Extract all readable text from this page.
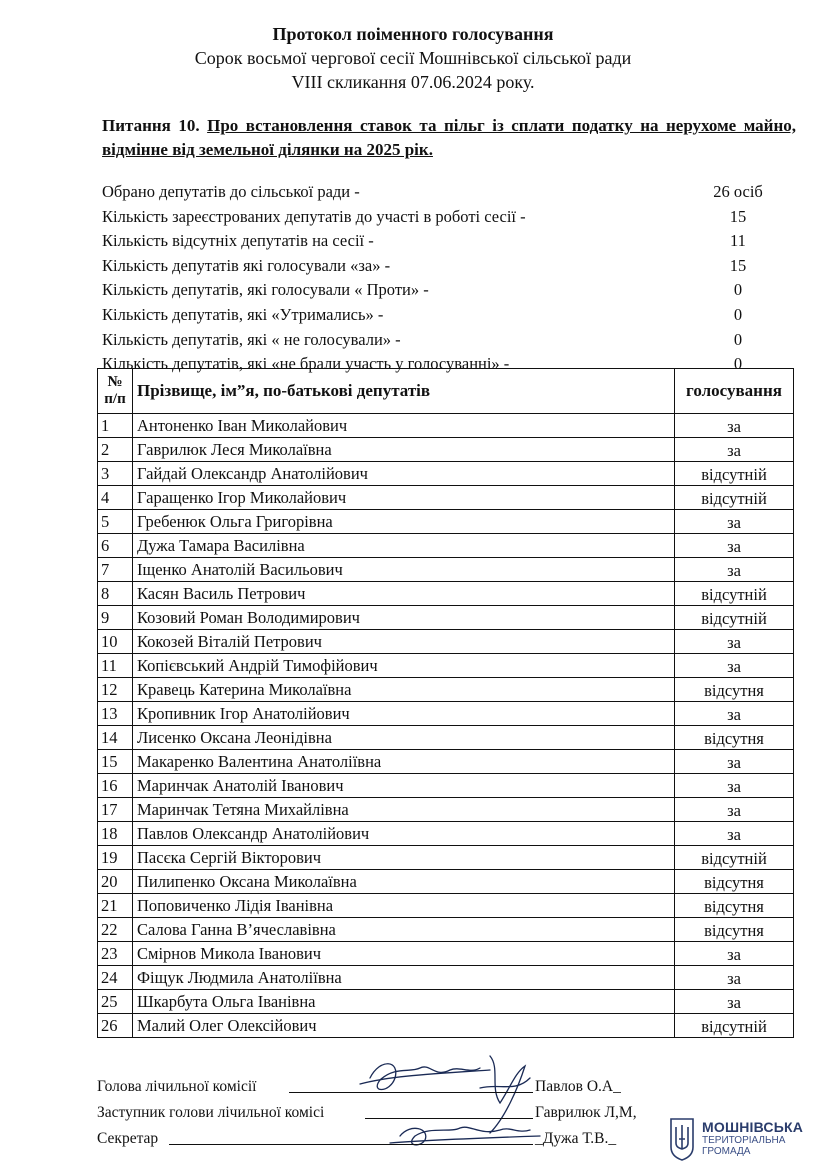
Протокол поіменного голосування
Сорок восьмої чергової сесії Мошнівської сільської ради
VIII скликання 07.06.2024 року.
Питання 10. Про встановлення ставок та пільг із сплати податку на нерухоме майно, відмінне від земельної ділянки на 2025 рік.
Обрано депутатів до сільської ради -	26 осіб
Кількість зареєстрованих депутатів до участі в роботі сесії -	15
Кількість відсутніх депутатів на сесії -	11
Кількість депутатів які голосували «за» -	15
Кількість депутатів, які голосували « Проти» -	0
Кількість депутатів, які «Утримались» -	0
Кількість депутатів, які « не голосували» -	0
Кількість депутатів, які «не брали участь у голосуванні» -	0
№ п/п	Прізвище, ім”я, по-батькові депутатів	голосування
1	Антоненко Іван Миколайович	за
2	Гаврилюк Леся Миколаївна	за
3	Гайдай Олександр Анатолійович	відсутній
4	Гаращенко Ігор Миколайович	відсутній
5	Гребенюк Ольга Григорівна	за
6	Дужа Тамара Василівна	за
7	Іщенко Анатолій Васильович	за
8	Касян Василь Петрович	відсутній
9	Козовий Роман Володимирович	відсутній
10	Кокозей Віталій Петрович	за
11	Копієвський Андрій Тимофійович	за
12	Кравець Катерина Миколаївна	відсутня
13	Кропивник Ігор Анатолійович	за
14	Лисенко Оксана Леонідівна	відсутня
15	Макаренко Валентина Анатоліївна	за
16	Маринчак Анатолій Іванович	за
17	Маринчак Тетяна Михайлівна	за
18	Павлов Олександр Анатолійович	за
19	Пасєка Сергій Вікторович	відсутній
20	Пилипенко Оксана Миколаївна	відсутня
21	Поповиченко Лідія Іванівна	відсутня
22	Салова Ганна В’ячеславівна	відсутня
23	Смірнов Микола Іванович	за
24	Фіщук Людмила Анатоліївна	за
25	Шкарбута Ольга Іванівна	за
26	Малий Олег Олексійович	відсутній
Голова лічильної комісії	Павлов О.А_
Заступник голови лічильної комісі	Гаврилюк Л,М,
Секретар	_Дужа Т.В._
МОШНІВСЬКА
ТЕРИТОРІАЛЬНА ГРОМАДА
